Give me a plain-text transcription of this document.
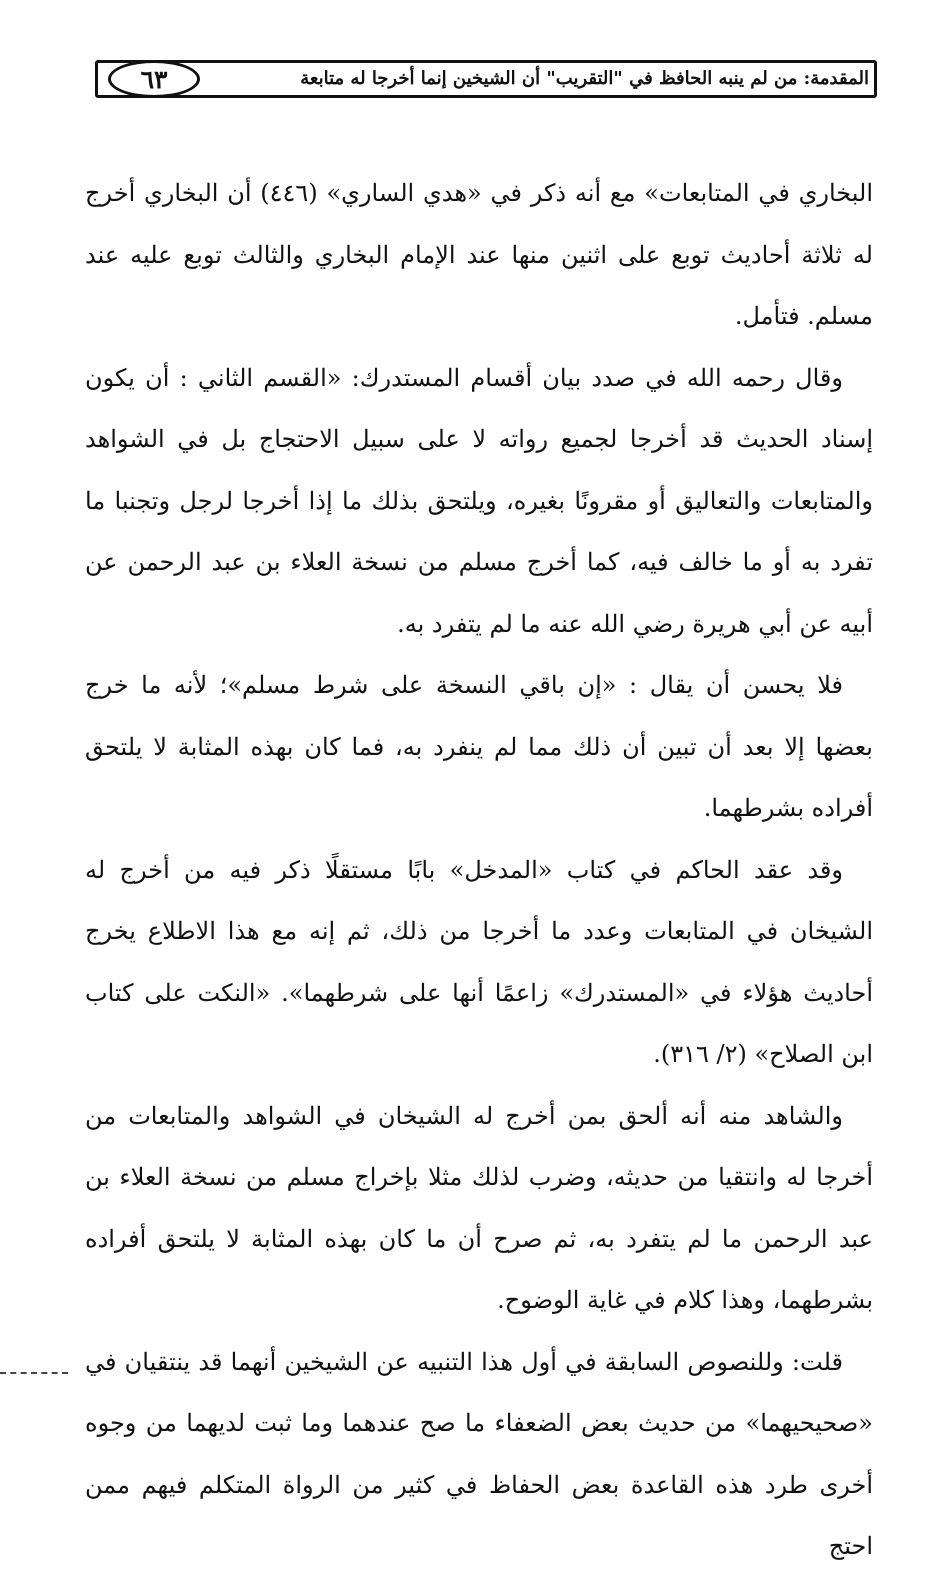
٦٣	المقدمة: من لم ينبه الحافظ في "التقريب" أن الشيخين إنما أخرجا له متابعة

البخاري في المتابعات» مع أنه ذكر في «هدي الساري» (٤٤٦) أن البخاري أخرج له ثلاثة أحاديث توبع على اثنين منها عند الإمام البخاري والثالث توبع عليه عند مسلم. فتأمل.

وقال رحمه الله في صدد بيان أقسام المستدرك: «القسم الثاني : أن يكون إسناد الحديث قد أخرجا لجميع رواته لا على سبيل الاحتجاج بل في الشواهد والمتابعات والتعاليق أو مقرونًا بغيره، ويلتحق بذلك ما إذا أخرجا لرجل وتجنبا ما تفرد به أو ما خالف فيه، كما أخرج مسلم من نسخة العلاء بن عبد الرحمن عن أبيه عن أبي هريرة رضي الله عنه ما لم يتفرد به.

فلا يحسن أن يقال : «إن باقي النسخة على شرط مسلم»؛ لأنه ما خرج بعضها إلا بعد أن تبين أن ذلك مما لم ينفرد به، فما كان بهذه المثابة لا يلتحق أفراده بشرطهما.

وقد عقد الحاكم في كتاب «المدخل» بابًا مستقلًا ذكر فيه من أخرج له الشيخان في المتابعات وعدد ما أخرجا من ذلك، ثم إنه مع هذا الاطلاع يخرج أحاديث هؤلاء في «المستدرك» زاعمًا أنها على شرطهما». «النكت على كتاب ابن الصلاح» (٢/ ٣١٦).

والشاهد منه أنه ألحق بمن أخرج له الشيخان في الشواهد والمتابعات من أخرجا له وانتقيا من حديثه، وضرب لذلك مثلا بإخراج مسلم من نسخة العلاء بن عبد الرحمن ما لم يتفرد به، ثم صرح أن ما كان بهذه المثابة لا يلتحق أفراده بشرطهما، وهذا كلام في غاية الوضوح.

قلت: وللنصوص السابقة في أول هذا التنبيه عن الشيخين أنهما قد ينتقيان في «صحيحيهما» من حديث بعض الضعفاء ما صح عندهما وما ثبت لديهما من وجوه أخرى طرد هذه القاعدة بعض الحفاظ في كثير من الرواة المتكلم فيهم ممن احتج
